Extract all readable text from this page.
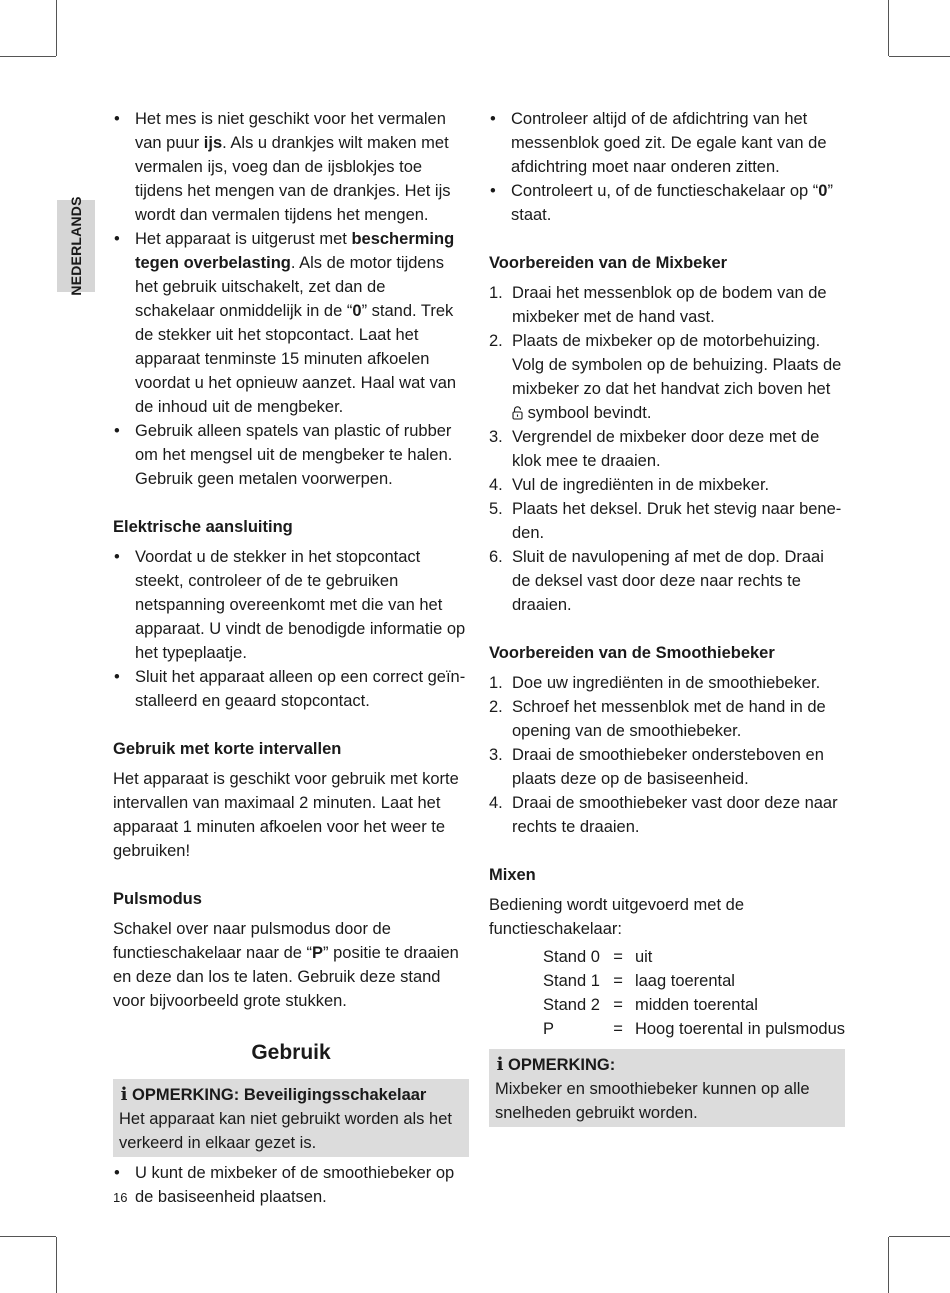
NEDERLANDS
• Het mes is niet geschikt voor het vermalen van puur ijs. Als u drankjes wilt maken met vermalen ijs, voeg dan de ijsblokjes toe tijdens het mengen van de drankjes. Het ijs wordt dan vermalen tijdens het mengen.
• Het apparaat is uitgerust met bescherming tegen overbelasting. Als de motor tijdens het gebruik uitschakelt, zet dan de schakelaar onmiddelijk in de “0” stand. Trek de stekker uit het stopcontact. Laat het apparaat tenminste 15 minuten afkoelen voordat u het opnieuw aanzet. Haal wat van de inhoud uit de mengbeker.
• Gebruik alleen spatels van plastic of rubber om het mengsel uit de mengbeker te halen. Gebruik geen metalen voorwerpen.
Elektrische aansluiting
• Voordat u de stekker in het stopcontact steekt, controleer of de te gebruiken netspanning overeenkomt met die van het apparaat. U vindt de benodigde informatie op het typeplaatje.
• Sluit het apparaat alleen op een correct geïnstalleerd en geaard stopcontact.
Gebruik met korte intervallen

Het apparaat is geschikt voor gebruik met korte intervallen van maximaal 2 minuten. Laat het apparaat 1 minuten afkoelen voor het weer te gebruiken!

Pulsmodus

Schakel over naar pulsmodus door de functieschakelaar naar de “P” positie te draaien en deze dan los te laten. Gebruik deze stand voor bijvoorbeeld grote stukken.

Gebruik
i OPMERKING: Beveiligingsschakelaar

Het apparaat kan niet gebruikt worden als het verkeerd in elkaar gezet is.

• U kunt de mixbeker of de smoothiebeker op de basiseenheid plaatsen.
• Controleer altijd of de afdichtring van het messenblok goed zit. De egale kant van de afdichtring moet naar onderen zitten.
• Controleert u, of de functieschakelaar op “0” staat.
Voorbereiden van de Mixbeker
1. Draai het messenblok op de bodem van de mixbeker met de hand vast.
2. Plaats de mixbeker op de motorbehuizing. Volg de symbolen op de behuizing. Plaats de mixbeker zo dat het handvat zich boven het  symbool bevindt.
3. Vergrendel de mixbeker door deze met de klok mee te draaien.
4. Vul de ingrediënten in de mixbeker.
5. Plaats het deksel. Druk het stevig naar beneden.
6. Sluit de navulopening af met de dop. Draai de deksel vast door deze naar rechts te draaien.
Voorbereiden van de Smoothiebeker
1. Doe uw ingrediënten in de smoothiebeker.
2. Schroef het messenblok met de hand in de opening van de smoothiebeker.
3. Draai de smoothiebeker ondersteboven en plaats deze op de basiseenheid.
4. Draai de smoothiebeker vast door deze naar rechts te draaien.
Mixen

Bediening wordt uitgevoerd met de functieschakelaar:

Stand 0	=	uit
Stand 1	=	laag toerental
Stand 2	=	midden toerental
P	=	Hoog toerental in pulsmodus
i OPMERKING:

Mixbeker en smoothiebeker kunnen op alle snelheden gebruikt worden.

16
